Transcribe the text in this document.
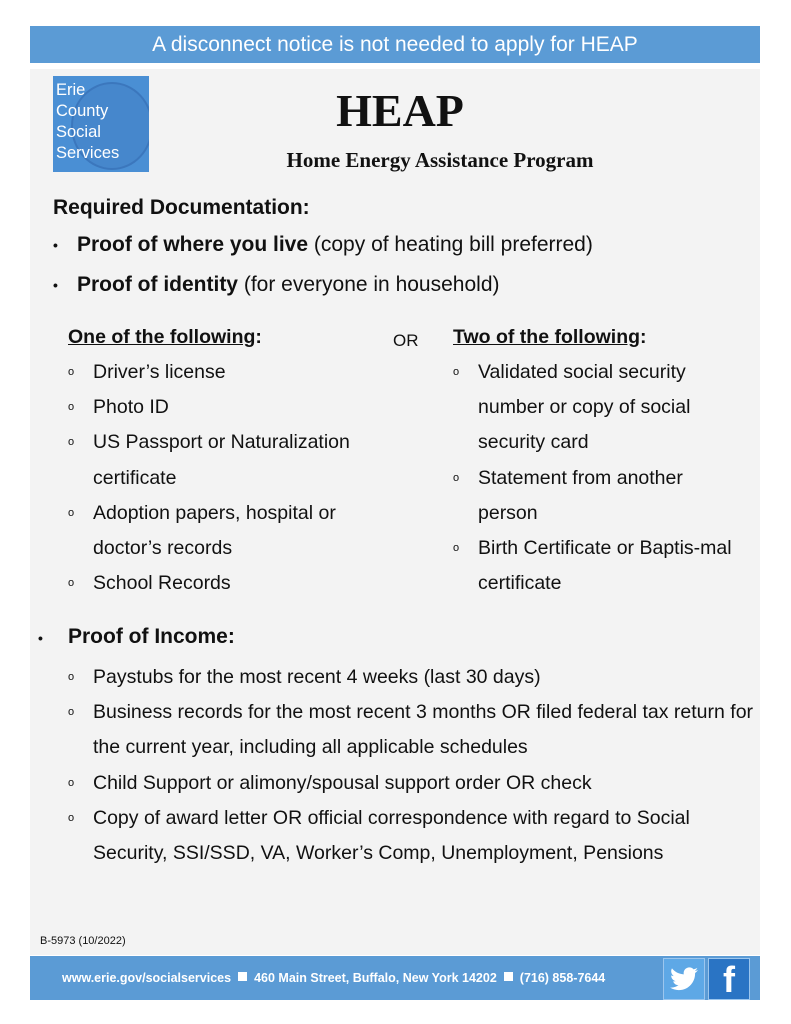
A disconnect notice is not needed to apply for HEAP
Erie
County
Social
Services
HEAP
Home Energy Assistance Program
Required Documentation:
• Proof of where you live (copy of heating bill preferred)
• Proof of identity (for everyone in household)
One of the following:
o Driver’s license
o Photo ID
o US Passport or Naturalization certificate
o Adoption papers, hospital or doctor’s records
o School Records
OR Two of the following:
o Validated social security number or copy of social security card
o Statement from another person
o Birth Certificate or Baptis-mal certificate
• Proof of Income:
o Paystubs for the most recent 4 weeks (last 30 days)
o Business records for the most recent 3 months OR filed federal tax return for the current year, including all applicable schedules
o Child Support or alimony/spousal support order OR check
o Copy of award letter OR official correspondence with regard to Social Security, SSI/SSD, VA, Worker’s Comp, Unemployment, Pensions
B-5973 (10/2022)
www.erie.gov/socialservices 460 Main Street, Buffalo, New York 14202 (716) 858-7644	f
